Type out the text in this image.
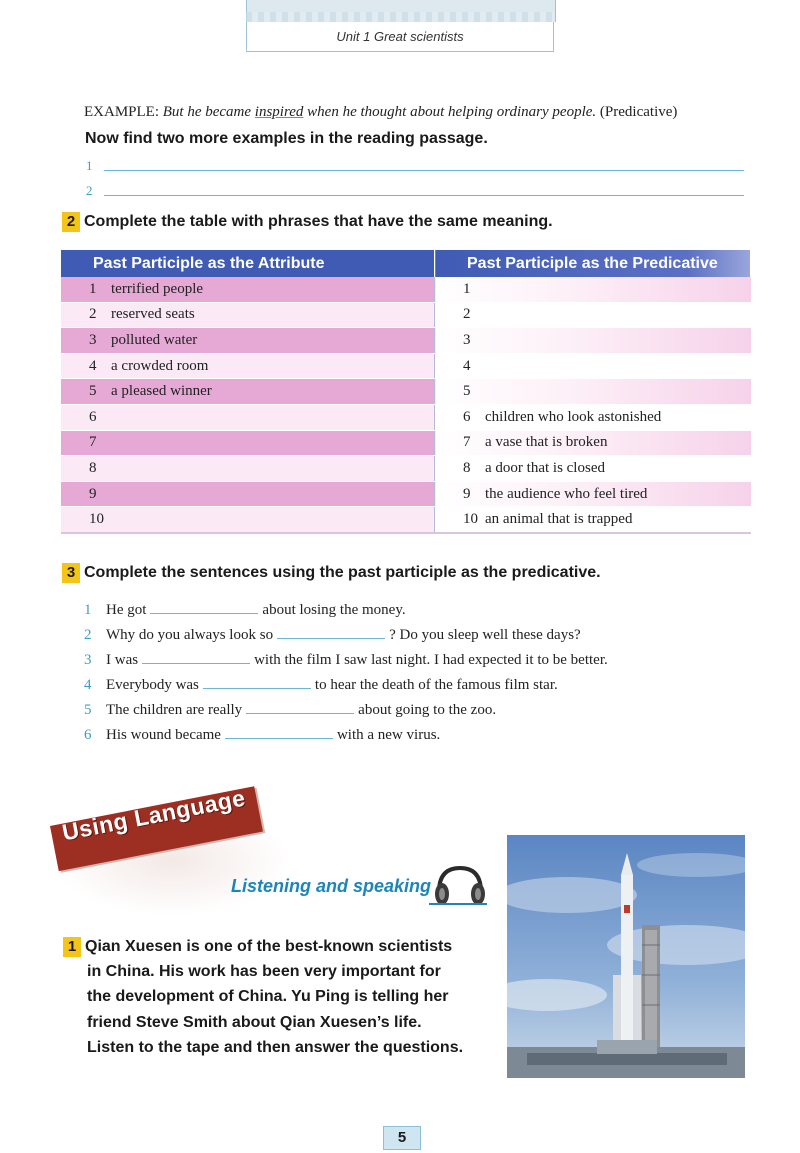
Unit 1 Great scientists
EXAMPLE: But he became inspired when he thought about helping ordinary people. (Predicative)
Now find two more examples in the reading passage.
1
2
2 Complete the table with phrases that have the same meaning.
Past Participle as the Attribute	Past Participle as the Predicative
1 terrified people	1
2 reserved seats	2
3 polluted water	3
4 a crowded room	4
5 a pleased winner	5
6	6 children who look astonished
7	7 a vase that is broken
8	8 a door that is closed
9	9 the audience who feel tired
10	10 an animal that is trapped
3 Complete the sentences using the past participle as the predicative.
1 He got	about losing the money.
2 Why do you always look so	? Do you sleep well these days?
3 I was	with the film I saw last night. I had expected it to be better.
4 Everybody was	to hear the death of the famous film star.
5 The children are really	about going to the zoo.
6 His wound became	with a new virus.
Using Language
Listening and speaking
1 Qian Xuesen is one of the best-known scientists
in China. His work has been very important for
the development of China. Yu Ping is telling her
friend Steve Smith about Qian Xuesen’s life.
Listen to the tape and then answer the questions.
5
